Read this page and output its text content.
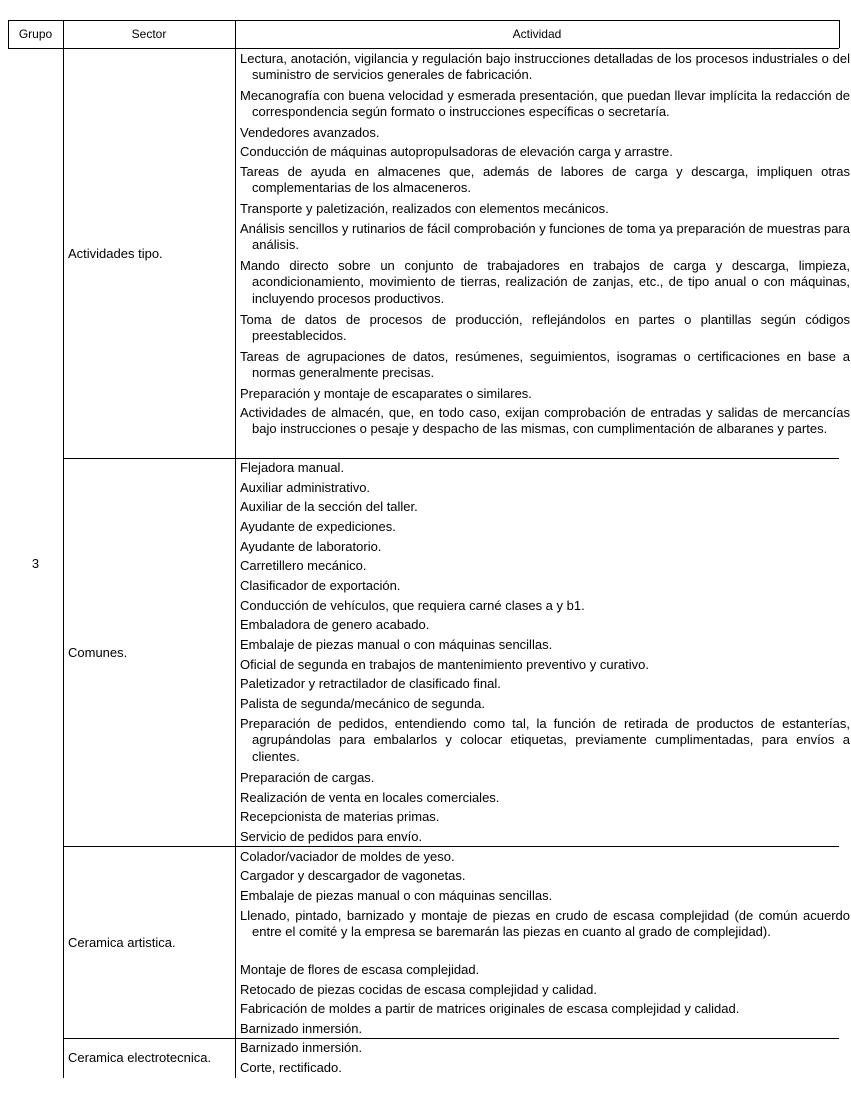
Grupo	Sector	Actividad
3
Actividades tipo.
Comunes.
Ceramica artistica.
Ceramica electrotecnica.
Lectura, anotación, vigilancia y regulación bajo instrucciones detalladas de los procesos industriales o del suministro de servicios generales de fabricación.
Mecanografía con buena velocidad y esmerada presentación, que puedan llevar implícita la redacción de correspondencia según formato o instrucciones específicas o secretaría.
Vendedores avanzados.
Conducción de máquinas autopropulsadoras de elevación carga y arrastre.
Tareas de ayuda en almacenes que, además de labores de carga y descarga, impliquen otras complementarias de los almaceneros.
Transporte y paletización, realizados con elementos mecánicos.
Análisis sencillos y rutinarios de fácil comprobación y funciones de toma ya preparación de muestras para análisis.
Mando directo sobre un conjunto de trabajadores en trabajos de carga y descarga, limpieza, acondicionamiento, movimiento de tierras, realización de zanjas, etc., de tipo anual o con máquinas, incluyendo procesos productivos.
Toma de datos de procesos de producción, reflejándolos en partes o plantillas según códigos preestablecidos.
Tareas de agrupaciones de datos, resúmenes, seguimientos, isogramas o certificaciones en base a normas generalmente precisas.
Preparación y montaje de escaparates o similares.
Actividades de almacén, que, en todo caso, exijan comprobación de entradas y salidas de mercancías bajo instrucciones o pesaje y despacho de las mismas, con cumplimentación de albaranes y partes.
Flejadora manual.
Auxiliar administrativo.
Auxiliar de la sección del taller.
Ayudante de expediciones.
Ayudante de laboratorio.
Carretillero mecánico.
Clasificador de exportación.
Conducción de vehículos, que requiera carné clases a y b1.
Embaladora de genero acabado.
Embalaje de piezas manual o con máquinas sencillas.
Oficial de segunda en trabajos de mantenimiento preventivo y curativo.
Paletizador y retractilador de clasificado final.
Palista de segunda/mecánico de segunda.
Preparación de pedidos, entendiendo como tal, la función de retirada de productos de estanterías, agrupándolas para embalarlos y colocar etiquetas, previamente cumplimentadas, para envíos a clientes.
Preparación de cargas.
Realización de venta en locales comerciales.
Recepcionista de materias primas.
Servicio de pedidos para envío.
Colador/vaciador de moldes de yeso.
Cargador y descargador de vagonetas.
Embalaje de piezas manual o con máquinas sencillas.
Llenado, pintado, barnizado y montaje de piezas en crudo de escasa complejidad (de común acuerdo entre el comité y la empresa se baremarán las piezas en cuanto al grado de complejidad).
Montaje de flores de escasa complejidad.
Retocado de piezas cocidas de escasa complejidad y calidad.
Fabricación de moldes a partir de matrices originales de escasa complejidad y calidad.
Barnizado inmersión.
Barnizado inmersión.
Corte, rectificado.
